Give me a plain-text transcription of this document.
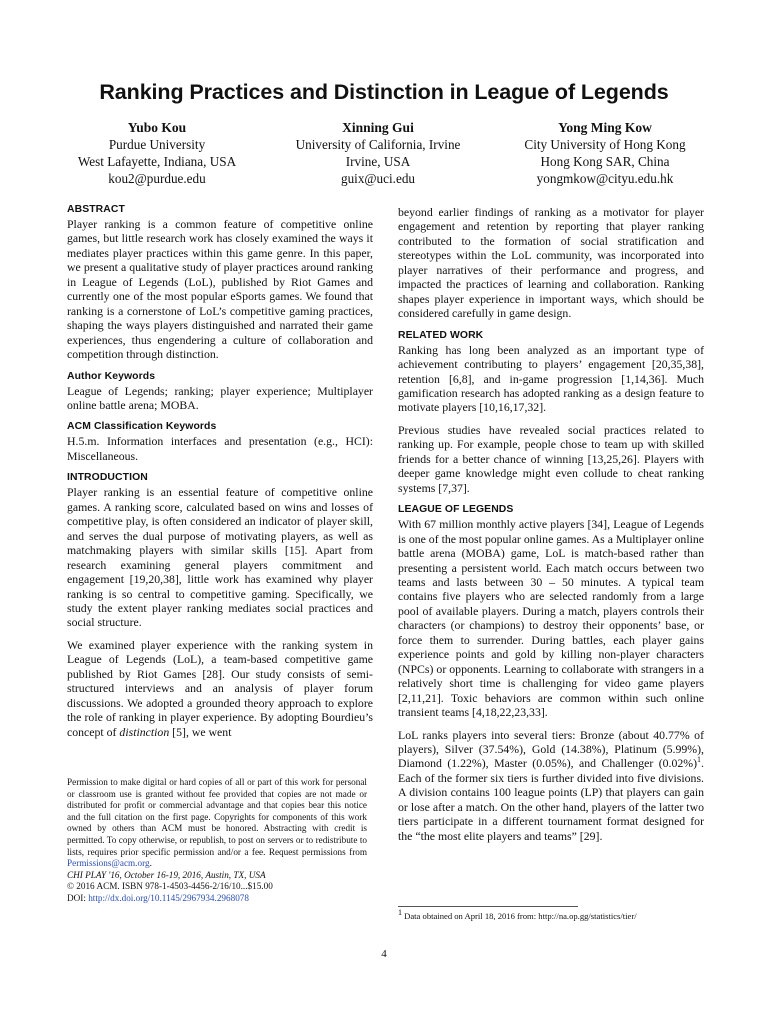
Ranking Practices and Distinction in League of Legends
Yubo Kou
Purdue University
West Lafayette, Indiana, USA
kou2@purdue.edu
Xinning Gui
University of California, Irvine
Irvine, USA
guix@uci.edu
Yong Ming Kow
City University of Hong Kong
Hong Kong SAR, China
yongmkow@cityu.edu.hk
ABSTRACT

Player ranking is a common feature of competitive online games, but little research work has closely examined the ways it mediates player practices within this game genre. In this paper, we present a qualitative study of player practices around ranking in League of Legends (LoL), published by Riot Games and currently one of the most popular eSports games. We found that ranking is a cornerstone of LoL’s competitive gaming practices, shaping the ways players distinguished and narrated their game experiences, thus engendering a culture of collaboration and competition through distinction.

Author Keywords

League of Legends; ranking; player experience; Multiplayer online battle arena; MOBA.

ACM Classification Keywords

H.5.m. Information interfaces and presentation (e.g., HCI): Miscellaneous.

INTRODUCTION

Player ranking is an essential feature of competitive online games. A ranking score, calculated based on wins and losses of competitive play, is often considered an indicator of player skill, and serves the dual purpose of motivating players, as well as matchmaking players with similar skills [15]. Apart from research examining general players commitment and engagement [19,20,38], little work has examined why player ranking is so central to competitive gaming. Specifically, we study the extent player ranking mediates social practices and social structure.

We examined player experience with the ranking system in League of Legends (LoL), a team-based competitive game published by Riot Games [28]. Our study consists of semi-structured interviews and an analysis of player forum discussions. We adopted a grounded theory approach to explore the role of ranking in player experience. By adopting Bourdieu’s concept of distinction [5], we went

Permission to make digital or hard copies of all or part of this work for personal or classroom use is granted without fee provided that copies are not made or distributed for profit or commercial advantage and that copies bear this notice and the full citation on the first page. Copyrights for components of this work owned by others than ACM must be honored. Abstracting with credit is permitted. To copy otherwise, or republish, to post on servers or to redistribute to lists, requires prior specific permission and/or a fee. Request permissions from Permissions@acm.org.
CHI PLAY '16, October 16-19, 2016, Austin, TX, USA
© 2016 ACM. ISBN 978-1-4503-4456-2/16/10...$15.00
DOI: http://dx.doi.org/10.1145/2967934.2968078

beyond earlier findings of ranking as a motivator for player engagement and retention by reporting that player ranking contributed to the formation of social stratification and stereotypes within the LoL community, was incorporated into player narratives of their performance and progress, and impacted the practices of learning and collaboration. Ranking shapes player experience in important ways, which should be considered carefully in game design.

RELATED WORK

Ranking has long been analyzed as an important type of achievement contributing to players’ engagement [20,35,38], retention [6,8], and in-game progression [1,14,36]. Much gamification research has adopted ranking as a design feature to motivate players [10,16,17,32].

Previous studies have revealed social practices related to ranking up. For example, people chose to team up with skilled friends for a better chance of winning [13,25,26]. Players with deeper game knowledge might even collude to cheat ranking systems [7,37].

LEAGUE OF LEGENDS

With 67 million monthly active players [34], League of Legends is one of the most popular online games. As a Multiplayer online battle arena (MOBA) game, LoL is match-based rather than presenting a persistent world. Each match occurs between two teams and lasts between 30 – 50 minutes. A typical team contains five players who are selected randomly from a large pool of available players. During a match, players controls their characters (or champions) to destroy their opponents’ base, or force them to surrender. During battles, each player gains experience points and gold by killing non-player characters (NPCs) or opponents. Learning to collaborate with strangers in a relatively short time is challenging for video game players [2,11,21]. Toxic behaviors are common within such online transient teams [4,18,22,23,33].

LoL ranks players into several tiers: Bronze (about 40.77% of players), Silver (37.54%), Gold (14.38%), Platinum (5.99%), Diamond (1.22%), Master (0.05%), and Challenger $(0.02\%)^1$. Each of the former six tiers is further divided into five divisions. A division contains 100 league points (LP) that players can gain or lose after a match. On the other hand, players of the latter two tiers participate in a different tournament format designed for the “the most elite players and teams” [29].

1 Data obtained on April 18, 2016 from: http://na.op.gg/statistics/tier/
4
